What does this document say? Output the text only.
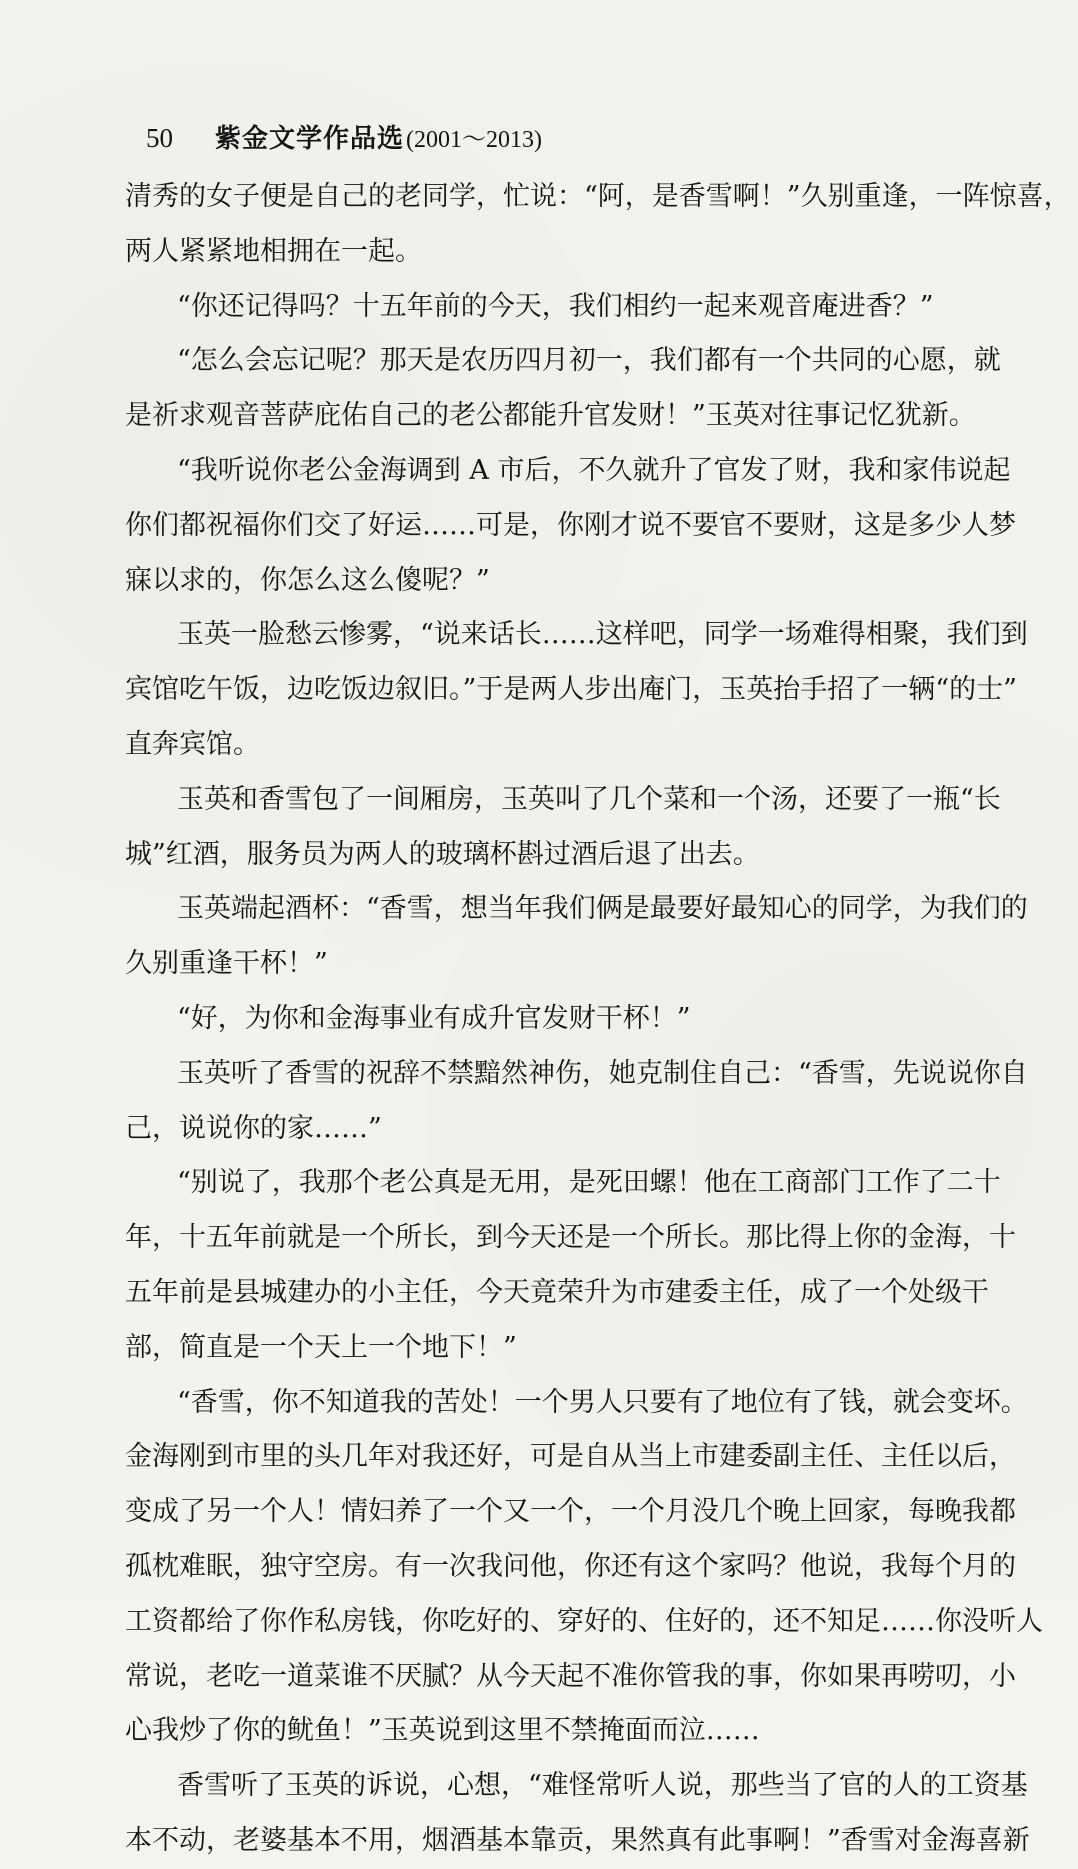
50 紫金文学作品选 (2001～2013)
清秀的女子便是自己的老同学，忙说：“阿，是香雪啊！”久别重逢，一阵惊喜，
两人紧紧地相拥在一起。
“你还记得吗？十五年前的今天，我们相约一起来观音庵进香？”
“怎么会忘记呢？那天是农历四月初一，我们都有一个共同的心愿，就
是祈求观音菩萨庇佑自己的老公都能升官发财！”玉英对往事记忆犹新。
“我听说你老公金海调到 A 市后，不久就升了官发了财，我和家伟说起
你们都祝福你们交了好运……可是，你刚才说不要官不要财，这是多少人梦
寐以求的，你怎么这么傻呢？”
玉英一脸愁云惨雾，“说来话长……这样吧，同学一场难得相聚，我们到
宾馆吃午饭，边吃饭边叙旧。”于是两人步出庵门，玉英抬手招了一辆“的士”
直奔宾馆。
玉英和香雪包了一间厢房，玉英叫了几个菜和一个汤，还要了一瓶“长
城”红酒，服务员为两人的玻璃杯斟过酒后退了出去。
玉英端起酒杯：“香雪，想当年我们俩是最要好最知心的同学，为我们的
久别重逢干杯！”
“好，为你和金海事业有成升官发财干杯！”
玉英听了香雪的祝辞不禁黯然神伤，她克制住自己：“香雪，先说说你自
己，说说你的家……”
“别说了，我那个老公真是无用，是死田螺！他在工商部门工作了二十
年，十五年前就是一个所长，到今天还是一个所长。那比得上你的金海，十
五年前是县城建办的小主任，今天竟荣升为市建委主任，成了一个处级干
部，简直是一个天上一个地下！”
“香雪，你不知道我的苦处！一个男人只要有了地位有了钱，就会变坏。
金海刚到市里的头几年对我还好，可是自从当上市建委副主任、主任以后，
变成了另一个人！情妇养了一个又一个，一个月没几个晚上回家，每晚我都
孤枕难眠，独守空房。有一次我问他，你还有这个家吗？他说，我每个月的
工资都给了你作私房钱，你吃好的、穿好的、住好的，还不知足……你没听人
常说，老吃一道菜谁不厌腻？从今天起不准你管我的事，你如果再唠叨，小
心我炒了你的鱿鱼！”玉英说到这里不禁掩面而泣……
香雪听了玉英的诉说，心想，“难怪常听人说，那些当了官的人的工资基
本不动，老婆基本不用，烟酒基本靠贡，果然真有此事啊！”香雪对金海喜新
